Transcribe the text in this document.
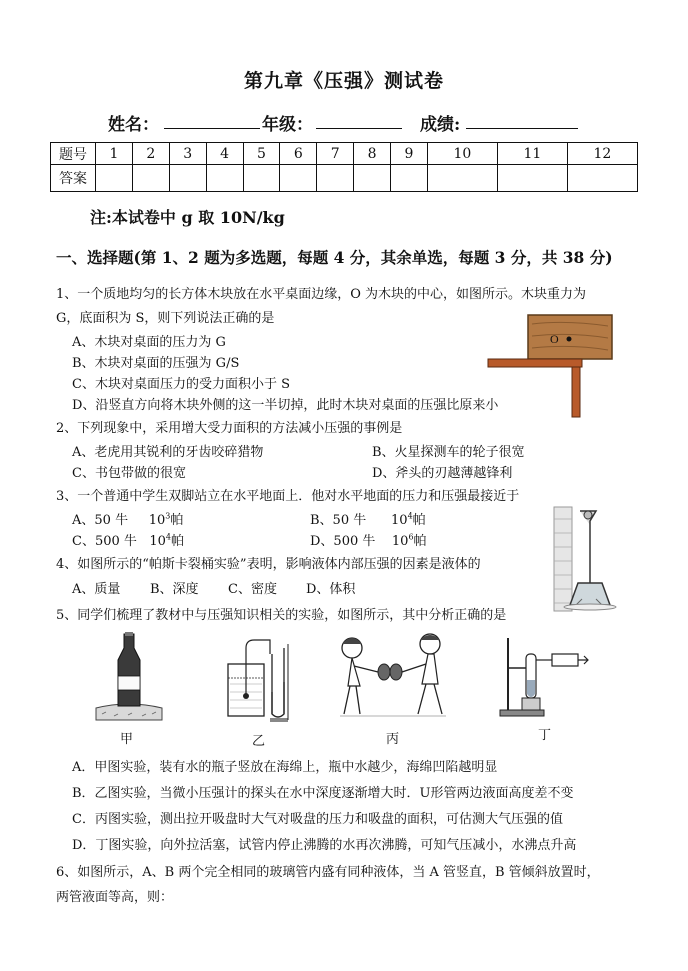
第九章《压强》测试卷
姓名：	年级：	成绩:
题号	1	2	3	4	5	6	7	8	9	10	11	12
答案												
注:本试卷中 g 取 10N/kg
一、选择题(第 1、2 题为多选题，每题 4 分，其余单选，每题 3 分，共 38 分)
1、一个质地均匀的长方体木块放在水平桌面边缘，O 为木块的中心，如图所示。木块重力为
G，底面积为 S，则下列说法正确的是
A、木块对桌面的压力为 G
B、木块对桌面的压强为 G/S
C、木块对桌面压力的受力面积小于 S
D、沿竖直方向将木块外侧的这一半切掉，此时木块对桌面的压强比原来小
O
2、下列现象中，采用增大受力面积的方法减小压强的事例是
A、老虎用其锐利的牙齿咬碎猎物	B、火星探测车的轮子很宽
C、书包带做的很宽	D、斧头的刃越薄越锋利
3、一个普通中学生双脚站立在水平地面上．他对水平地面的压力和压强最接近于
A、50 牛 $10^3$帕	B、50 牛 $10^4$帕
C、500 牛 $10^4$帕	D、500 牛 $10^6$帕
4、如图所示的“帕斯卡裂桶实验”表明，影响液体内部压强的因素是液体的
A、质量 B、深度 C、密度 D、体积
5、同学们梳理了教材中与压强知识相关的实验，如图所示，其中分析正确的是
甲	乙	丙	丁
A．甲图实验，装有水的瓶子竖放在海绵上，瓶中水越少，海绵凹陷越明显
B．乙图实验，当微小压强计的探头在水中深度逐渐增大时．U形管两边液面高度差不变
C．丙图实验，测出拉开吸盘时大气对吸盘的压力和吸盘的面积，可估测大气压强的值
D．丁图实验，向外拉活塞，试管内停止沸腾的水再次沸腾，可知气压减小，水沸点升高
6、如图所示，A、B 两个完全相同的玻璃管内盛有同种液体，当 A 管竖直，B 管倾斜放置时，
两管液面等高，则：
